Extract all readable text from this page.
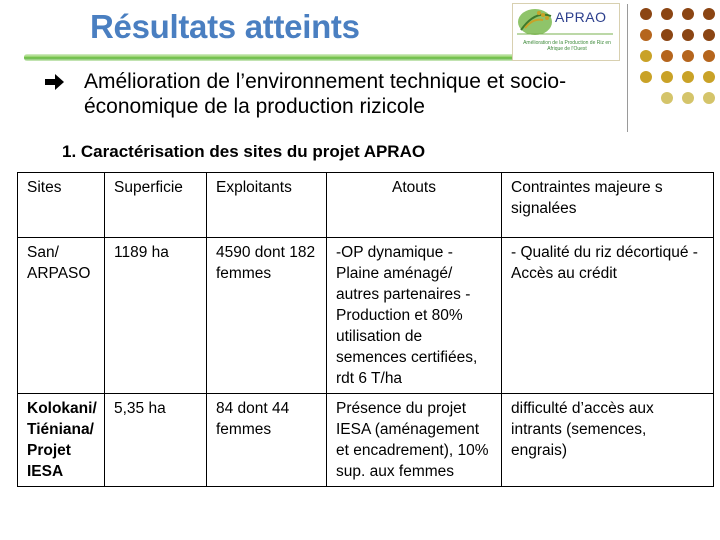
Résultats atteints	APRAO
Amélioration de la Production de Riz en Afrique de l'Ouest
Amélioration de l’environnement technique et socio-économique de la production rizicole
1. Caractérisation des sites du projet APRAO
Sites	Superficie	Exploitants	Atouts	Contraintes majeure s signalées
San/ ARPASO	1189 ha	4590 dont 182 femmes	-OP dynamique -Plaine aménagé/ autres partenaires -Production et 80% utilisation de semences certifiées, rdt 6 T/ha	- Qualité du riz décortiqué - Accès au crédit
Kolokani/ Tiéniana/ Projet IESA	5,35 ha	84 dont 44 femmes	Présence du projet IESA (aménagement et encadrement), 10% sup. aux femmes	difficulté d’accès aux intrants (semences, engrais)
